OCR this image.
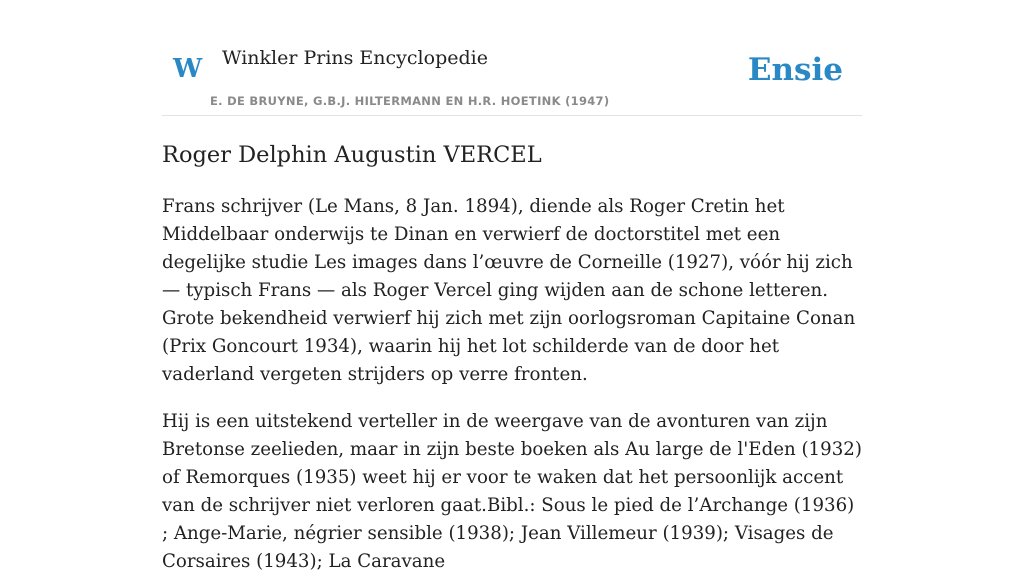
W Winkler Prins Encyclopedie
E. DE BRUYNE, G.B.J. HILTERMANN EN H.R. HOETINK (1947)
Ensie
Roger Delphin Augustin VERCEL

Frans schrijver (Le Mans, 8 Jan. 1894), diende als Roger Cretin het Middelbaar onderwijs te Dinan en verwierf de doctorstitel met een degelijke studie Les images dans l’œuvre de Corneille (1927), vóór hij zich — typisch Frans — als Roger Vercel ging wijden aan de schone letteren. Grote bekendheid verwierf hij zich met zijn oorlogsroman Capitaine Conan (Prix Goncourt 1934), waarin hij het lot schilderde van de door het vaderland vergeten strijders op verre fronten.

Hij is een uitstekend verteller in de weergave van de avonturen van zijn Bretonse zeelieden, maar in zijn beste boeken als Au large de l'Eden (1932) of Remorques (1935) weet hij er voor te waken dat het persoonlijk accent van de schrijver niet verloren gaat.Bibl.: Sous le pied de l’Archange (1936) ; Ange-Marie, négrier sensible (1938); Jean Villemeur (1939); Visages de Corsaires (1943); La Caravane
